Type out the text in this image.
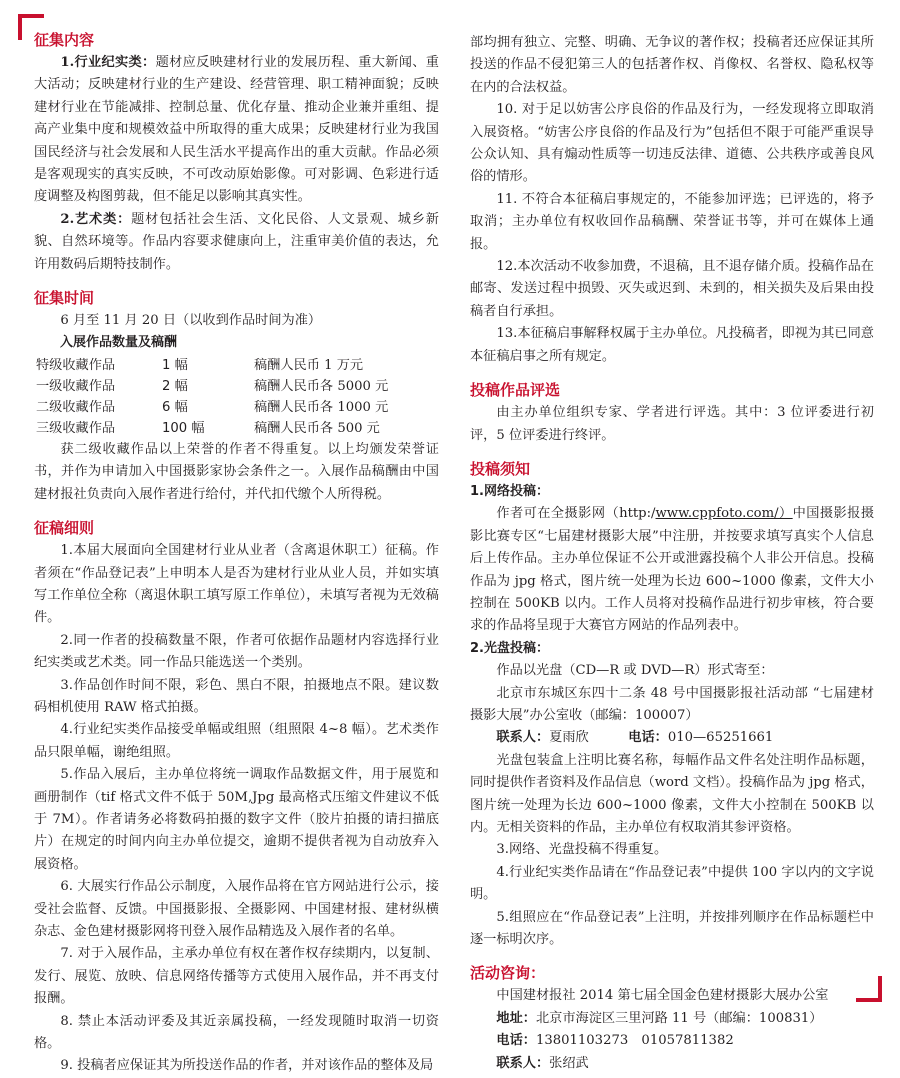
征集内容

1.行业纪实类：题材应反映建材行业的发展历程、重大新闻、重大活动；反映建材行业的生产建设、经营管理、职工精神面貌；反映建材行业在节能减排、控制总量、优化存量、推动企业兼并重组、提高产业集中度和规模效益中所取得的重大成果；反映建材行业为我国国民经济与社会发展和人民生活水平提高作出的重大贡献。作品必须是客观现实的真实反映，不可改动原始影像。可对影调、色彩进行适度调整及构图剪裁，但不能足以影响其真实性。

2.艺术类：题材包括社会生活、文化民俗、人文景观、城乡新貌、自然环境等。作品内容要求健康向上，注重审美价值的表达，允许用数码后期特技制作。

征集时间

6 月至 11 月 20 日（以收到作品时间为准）

入展作品数量及稿酬

特级收藏作品	1 幅	稿酬人民币 1 万元
一级收藏作品	2 幅	稿酬人民币各 5000 元
二级收藏作品	6 幅	稿酬人民币各 1000 元
三级收藏作品	100 幅	稿酬人民币各 500 元

获二级收藏作品以上荣誉的作者不得重复。以上均颁发荣誉证书，并作为申请加入中国摄影家协会条件之一。入展作品稿酬由中国建材报社负责向入展作者进行给付，并代扣代缴个人所得税。

征稿细则

1.本届大展面向全国建材行业从业者（含离退休职工）征稿。作者须在“作品登记表”上申明本人是否为建材行业从业人员，并如实填写工作单位全称（离退休职工填写原工作单位），未填写者视为无效稿件。

2.同一作者的投稿数量不限，作者可依据作品题材内容选择行业纪实类或艺术类。同一作品只能选送一个类别。

3.作品创作时间不限，彩色、黑白不限，拍摄地点不限。建议数码相机使用 RAW 格式拍摄。

4.行业纪实类作品接受单幅或组照（组照限 4~8 幅）。艺术类作品只限单幅，谢绝组照。

5.作品入展后，主办单位将统一调取作品数据文件，用于展览和画册制作（tif 格式文件不低于 50M,Jpg 最高格式压缩文件建议不低于 7M）。作者请务必将数码拍摄的数字文件（胶片拍摄的请扫描底片）在规定的时间内向主办单位提交，逾期不提供者视为自动放弃入展资格。

6. 大展实行作品公示制度，入展作品将在官方网站进行公示，接受社会监督、反馈。中国摄影报、全摄影网、中国建材报、建材纵横杂志、金色建材摄影网将刊登入展作品精选及入展作者的名单。

7. 对于入展作品，主承办单位有权在著作权存续期内，以复制、发行、展览、放映、信息网络传播等方式使用入展作品，并不再支付报酬。

8. 禁止本活动评委及其近亲属投稿，一经发现随时取消一切资格。

9. 投稿者应保证其为所投送作品的作者，并对该作品的整体及局

部均拥有独立、完整、明确、无争议的著作权；投稿者还应保证其所投送的作品不侵犯第三人的包括著作权、肖像权、名誉权、隐私权等在内的合法权益。

10. 对于足以妨害公序良俗的作品及行为，一经发现将立即取消入展资格。“妨害公序良俗的作品及行为”包括但不限于可能严重误导公众认知、具有煽动性质等一切违反法律、道德、公共秩序或善良风俗的情形。

11. 不符合本征稿启事规定的，不能参加评选；已评选的，将予取消；主办单位有权收回作品稿酬、荣誉证书等，并可在媒体上通报。

12.本次活动不收参加费，不退稿，且不退存储介质。投稿作品在邮寄、发送过程中损毁、灭失或迟到、未到的，相关损失及后果由投稿者自行承担。

13.本征稿启事解释权属于主办单位。凡投稿者，即视为其已同意本征稿启事之所有规定。

投稿作品评选

由主办单位组织专家、学者进行评选。其中：3 位评委进行初评，5 位评委进行终评。

投稿须知

1.网络投稿：

作者可在全摄影网（http:/www.cppfoto.com/）中国摄影报摄影比赛专区“七届建材摄影大展”中注册，并按要求填写真实个人信息后上传作品。主办单位保证不公开或泄露投稿个人非公开信息。投稿作品为 jpg 格式，图片统一处理为长边 600~1000 像素，文件大小控制在 500KB 以内。工作人员将对投稿作品进行初步审核，符合要求的作品将呈现于大赛官方网站的作品列表中。

2.光盘投稿：

作品以光盘（CD—R 或 DVD—R）形式寄至：

北京市东城区东四十二条 48 号中国摄影报社活动部 “七届建材摄影大展”办公室收（邮编：100007）

联系人：夏雨欣　　　	电话：010—65251661

光盘包装盒上注明比赛名称，每幅作品文件名处注明作品标题，同时提供作者资料及作品信息（word 文档）。投稿作品为 jpg 格式，图片统一处理为长边 600~1000 像素，文件大小控制在 500KB 以内。无相关资料的作品，主办单位有权取消其参评资格。

3.网络、光盘投稿不得重复。

4.行业纪实类作品请在“作品登记表”中提供 100 字以内的文字说明。

5.组照应在“作品登记表”上注明，并按排列顺序在作品标题栏中逐一标明次序。

活动咨询：

中国建材报社 2014 第七届全国金色建材摄影大展办公室

地址：北京市海淀区三里河路 11 号（邮编：100831）

电话：13801103273　01057811382

联系人：张绍武
